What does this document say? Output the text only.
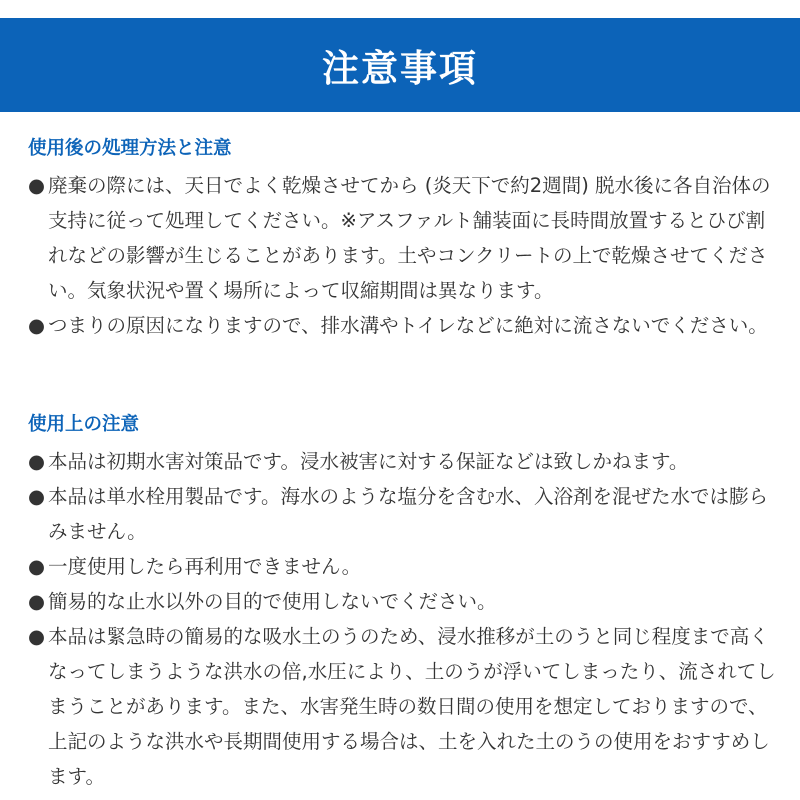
注意事項
使用後の処理方法と注意
● 廃棄の際には、天日でよく乾燥させてから (炎天下で約2週間) 脱水後に各自治体の支持に従って処理してください。※アスファルト舗装面に長時間放置するとひび割れなどの影響が生じることがあります。土やコンクリートの上で乾燥させてください。気象状況や置く場所によって収縮期間は異なります。
● つまりの原因になりますので、排水溝やトイレなどに絶対に流さないでください。
使用上の注意
● 本品は初期水害対策品です。浸水被害に対する保証などは致しかねます。
● 本品は単水栓用製品です。海水のような塩分を含む水、入浴剤を混ぜた水では膨らみません。
● 一度使用したら再利用できません。
● 簡易的な止水以外の目的で使用しないでください。
● 本品は緊急時の簡易的な吸水土のうのため、浸水推移が土のうと同じ程度まで高くなってしまうような洪水の倍,水圧により、土のうが浮いてしまったり、流されてしまうことがあります。また、水害発生時の数日間の使用を想定しておりますので、上記のような洪水や長期間使用する場合は、土を入れた土のうの使用をおすすめします。
